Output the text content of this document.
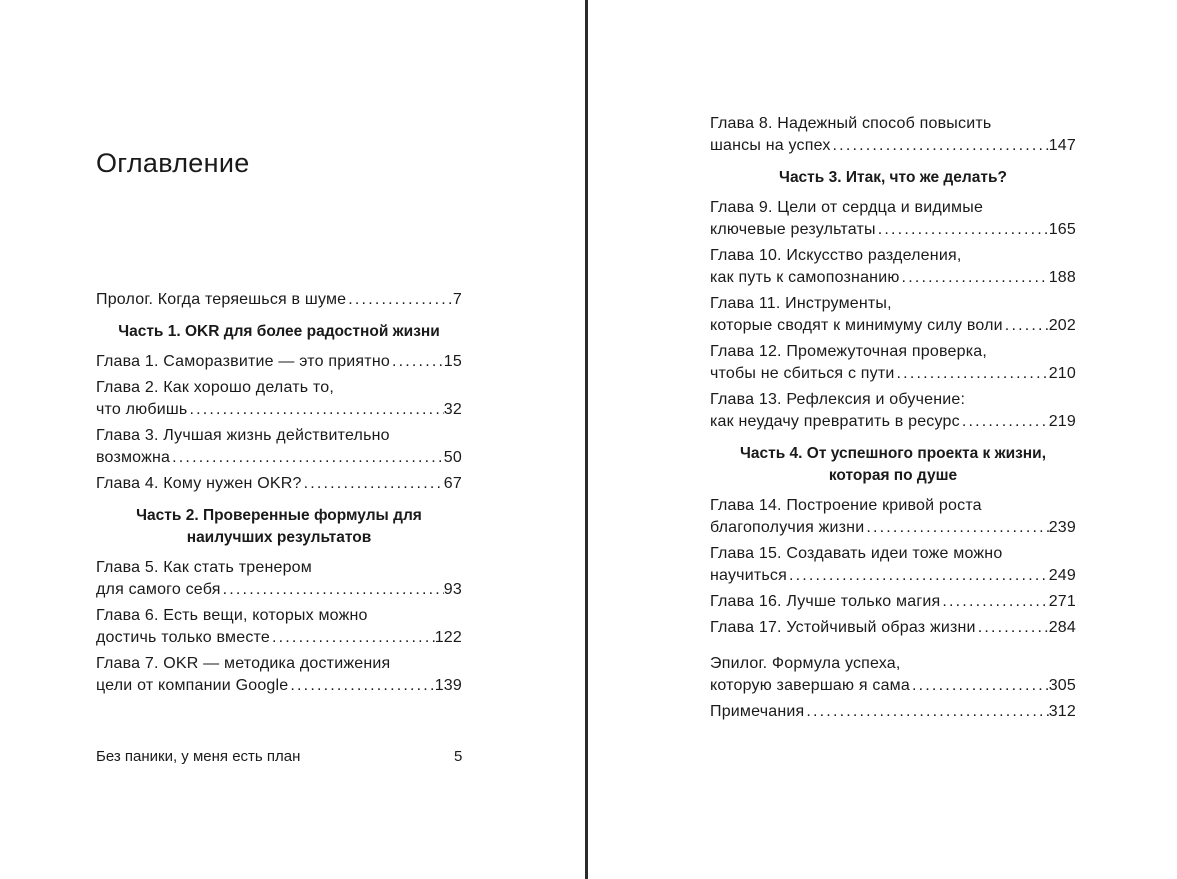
Оглавление
Пролог. Когда теряешься в шуме .....	7
Часть 1. OKR для более радостной жизни
Глава 1. Саморазвитие — это приятно .....	15
Глава 2. Как хорошо делать то,
что любишь .....	32
Глава 3. Лучшая жизнь действительно
возможна .....	50
Глава 4. Кому нужен OKR? .....	67
Часть 2. Проверенные формулы для наилучших результатов
Глава 5. Как стать тренером
для самого себя .....	93
Глава 6. Есть вещи, которых можно
достичь только вместе .....	122
Глава 7. OKR — методика достижения
цели от компании Google .....	139
Глава 8. Надежный способ повысить
шансы на успех .....	147
Часть 3. Итак, что же делать?
Глава 9. Цели от сердца и видимые
ключевые результаты .....	165
Глава 10. Искусство разделения,
как путь к самопознанию .....	188
Глава 11. Инструменты,
которые сводят к минимуму силу воли .....	202
Глава 12. Промежуточная проверка,
чтобы не сбиться с пути .....	210
Глава 13. Рефлексия и обучение:
как неудачу превратить в ресурс .....	219
Часть 4. От успешного проекта к жизни, которая по душе
Глава 14. Построение кривой роста
благополучия жизни .....	239
Глава 15. Создавать идеи тоже можно
научиться .....	249
Глава 16. Лучше только магия .....	271
Глава 17. Устойчивый образ жизни .....	284
Эпилог. Формула успеха,
которую завершаю я сама .....	305
Примечания .....	312
Без паники, у меня есть план	5
